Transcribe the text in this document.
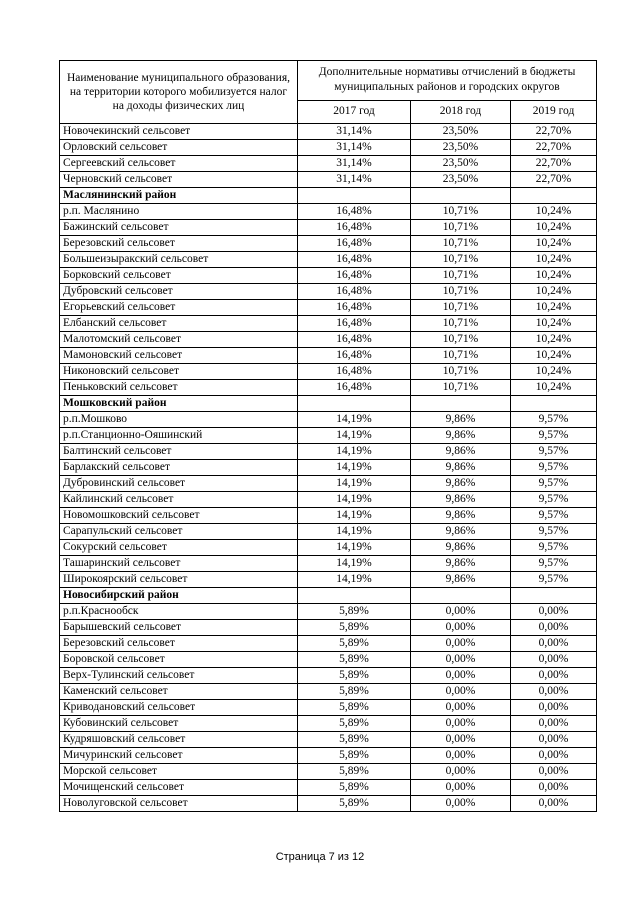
Наименование муниципального образования, на территории которого мобилизуется налог на доходы физических лиц	Дополнительные нормативы отчислений в бюджеты муниципальных районов и городских округов		
	2017 год	2018 год	2019 год
Новочекинский сельсовет	31,14%	23,50%	22,70%
Орловский сельсовет	31,14%	23,50%	22,70%
Сергеевский сельсовет	31,14%	23,50%	22,70%
Черновский сельсовет	31,14%	23,50%	22,70%
Маслянинский район			
р.п. Маслянино	16,48%	10,71%	10,24%
Бажинский сельсовет	16,48%	10,71%	10,24%
Березовский сельсовет	16,48%	10,71%	10,24%
Большеизыракский сельсовет	16,48%	10,71%	10,24%
Борковский сельсовет	16,48%	10,71%	10,24%
Дубровский сельсовет	16,48%	10,71%	10,24%
Егорьевский сельсовет	16,48%	10,71%	10,24%
Елбанский сельсовет	16,48%	10,71%	10,24%
Малотомский сельсовет	16,48%	10,71%	10,24%
Мамоновский сельсовет	16,48%	10,71%	10,24%
Никоновский сельсовет	16,48%	10,71%	10,24%
Пеньковский сельсовет	16,48%	10,71%	10,24%
Мошковский район			
р.п.Мошково	14,19%	9,86%	9,57%
р.п.Станционно-Ояшинский	14,19%	9,86%	9,57%
Балтинский сельсовет	14,19%	9,86%	9,57%
Барлакский сельсовет	14,19%	9,86%	9,57%
Дубровинский сельсовет	14,19%	9,86%	9,57%
Кайлинский сельсовет	14,19%	9,86%	9,57%
Новомошковский сельсовет	14,19%	9,86%	9,57%
Сарапульский сельсовет	14,19%	9,86%	9,57%
Сокурский сельсовет	14,19%	9,86%	9,57%
Ташаринский сельсовет	14,19%	9,86%	9,57%
Широкоярский сельсовет	14,19%	9,86%	9,57%
Новосибирский район			
р.п.Краснообск	5,89%	0,00%	0,00%
Барышевский сельсовет	5,89%	0,00%	0,00%
Березовский сельсовет	5,89%	0,00%	0,00%
Боровской сельсовет	5,89%	0,00%	0,00%
Верх-Тулинский сельсовет	5,89%	0,00%	0,00%
Каменский сельсовет	5,89%	0,00%	0,00%
Криводановский сельсовет	5,89%	0,00%	0,00%
Кубовинский сельсовет	5,89%	0,00%	0,00%
Кудряшовский сельсовет	5,89%	0,00%	0,00%
Мичуринский сельсовет	5,89%	0,00%	0,00%
Морской сельсовет	5,89%	0,00%	0,00%
Мочищенский сельсовет	5,89%	0,00%	0,00%
Новолуговской сельсовет	5,89%	0,00%	0,00%
Страница 7 из 12
